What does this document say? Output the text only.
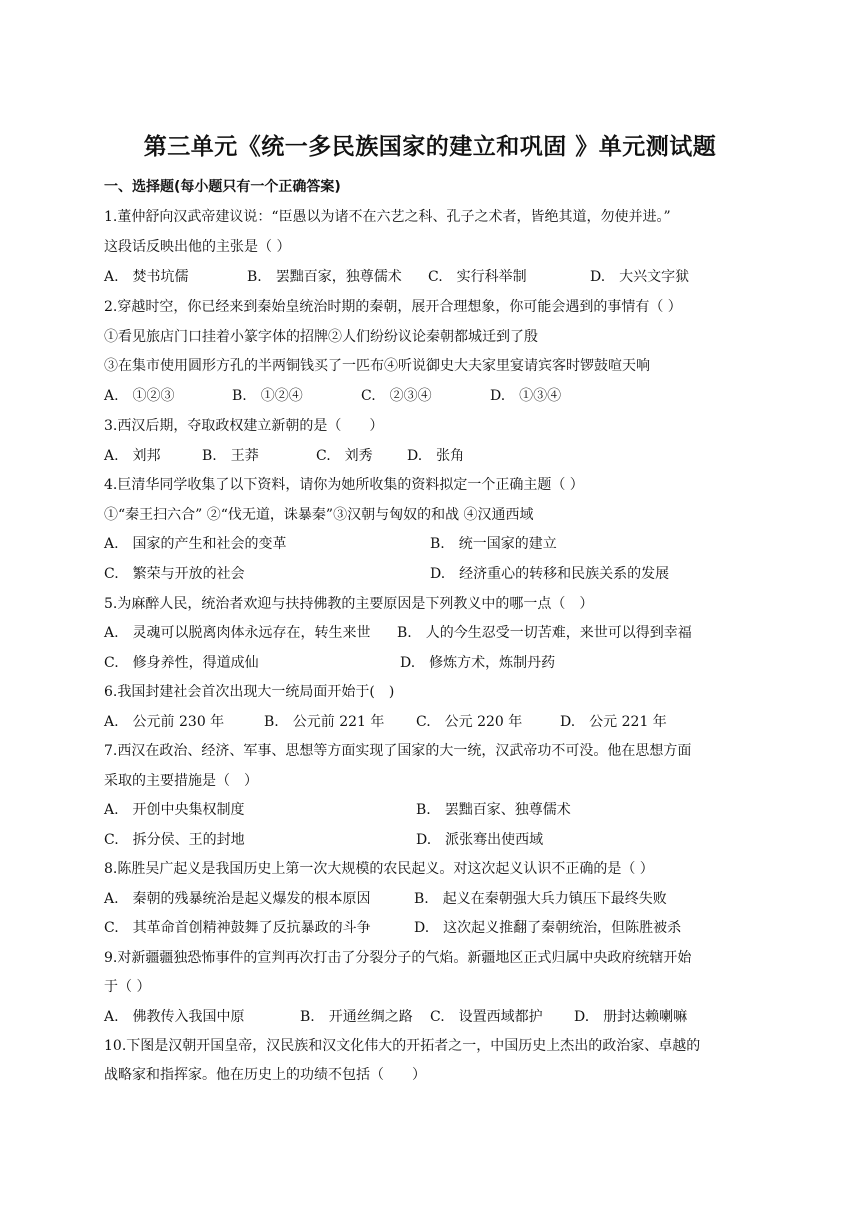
第三单元《统一多民族国家的建立和巩固 》单元测试题
一、选择题(每小题只有一个正确答案)
1.董仲舒向汉武帝建议说：“臣愚以为诸不在六艺之科、孔子之术者，皆绝其道，勿使并进。”
这段话反映出他的主张是（ ）
A.　焚书坑儒	B.　罢黜百家，独尊儒术 C.　实行科举制	D.　大兴文字狱
2.穿越时空，你已经来到秦始皇统治时期的秦朝，展开合理想象，你可能会遇到的事情有（ ）
①看见旅店门口挂着小篆字体的招牌②人们纷纷议论秦朝都城迁到了殷
③在集市使用圆形方孔的半两铜钱买了一匹布④听说御史大夫家里宴请宾客时锣鼓喧天响
A.　①②③	B.　①②④	C.　②③④	D.　①③④
3.西汉后期，夺取政权建立新朝的是（　　）
A.　刘邦	B.　王莽	C.　刘秀 D.　张角
4.巨清华同学收集了以下资料，请你为她所收集的资料拟定一个正确主题（ ）
①“秦王扫六合” ②“伐无道，诛暴秦”③汉朝与匈奴的和战 ④汉通西域
A.　国家的产生和社会的变革	B.　统一国家的建立
C.　繁荣与开放的社会	D.　经济重心的转移和民族关系的发展
5.为麻醉人民，统治者欢迎与扶持佛教的主要原因是下列教义中的哪一点（　）
A.　灵魂可以脱离肉体永远存在，转生来世 B.　人的今生忍受一切苦难，来世可以得到幸福
C.　修身养性，得道成仙	D.　修炼方术，炼制丹药
6.我国封建社会首次出现大一统局面开始于(　)
A.　公元前 230 年	B.　公元前 221 年 C.　公元 220 年	D.　公元 221 年
7.西汉在政治、经济、军事、思想等方面实现了国家的大一统，汉武帝功不可没。他在思想方面
采取的主要措施是（　）
A.　开创中央集权制度	B.　罢黜百家、独尊儒术
C.　拆分侯、王的封地	D.　派张骞出使西域
8.陈胜吴广起义是我国历史上第一次大规模的农民起义。对这次起义认识不正确的是（ ）
A.　秦朝的残暴统治是起义爆发的根本原因	B.　起义在秦朝强大兵力镇压下最终失败
C.　其革命首创精神鼓舞了反抗暴政的斗争	D.　这次起义推翻了秦朝统治，但陈胜被杀
9.对新疆疆独恐怖事件的宣判再次打击了分裂分子的气焰。新疆地区正式归属中央政府统辖开始
于（ ）
A.　佛教传入我国中原	B.　开通丝绸之路 C.　设置西域都护 D.　册封达赖喇嘛
10.下图是汉朝开国皇帝，汉民族和汉文化伟大的开拓者之一，中国历史上杰出的政治家、卓越的
战略家和指挥家。他在历史上的功绩不包括（　　）
